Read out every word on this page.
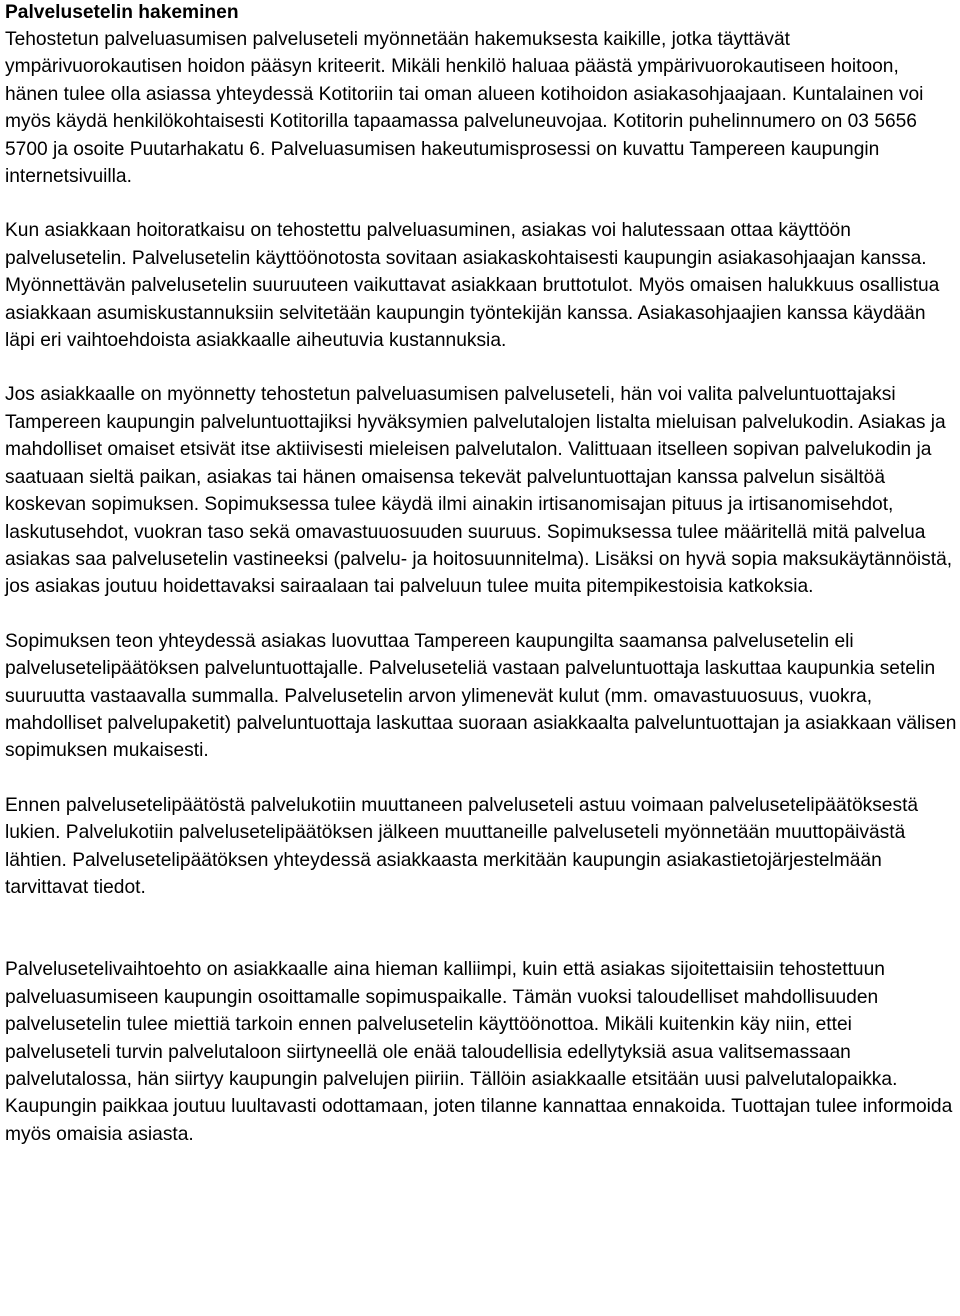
Palvelusetelin hakeminen

Tehostetun palveluasumisen palveluseteli myönnetään hakemuksesta kaikille, jotka täyttävät ympärivuorokautisen hoidon pääsyn kriteerit. Mikäli henkilö haluaa päästä ympärivuorokautiseen hoitoon, hänen tulee olla asiassa yhteydessä Kotitoriin tai oman alueen kotihoidon asiakasohjaajaan. Kuntalainen voi myös käydä henkilökohtaisesti Kotitorilla tapaamassa palveluneuvojaa. Kotitorin puhelinnumero on 03 5656 5700 ja osoite Puutarhakatu 6. Palveluasumisen hakeutumisprosessi on kuvattu Tampereen kaupungin internetsivuilla.

Kun asiakkaan hoitoratkaisu on tehostettu palveluasuminen, asiakas voi halutessaan ottaa käyttöön palvelusetelin. Palvelusetelin käyttöönotosta sovitaan asiakaskohtaisesti kaupungin asiakasohjaajan kanssa. Myönnettävän palvelusetelin suuruuteen vaikuttavat asiakkaan bruttotulot. Myös omaisen halukkuus osallistua asiakkaan asumiskustannuksiin selvitetään kaupungin työntekijän kanssa. Asiakasohjaajien kanssa käydään läpi eri vaihtoehdoista asiakkaalle aiheutuvia kustannuksia.

Jos asiakkaalle on myönnetty tehostetun palveluasumisen palveluseteli, hän voi valita palveluntuottajaksi Tampereen kaupungin palveluntuottajiksi hyväksymien palvelutalojen listalta mieluisan palvelukodin. Asiakas ja mahdolliset omaiset etsivät itse aktiivisesti mieleisen palvelutalon. Valittuaan itselleen sopivan palvelukodin ja saatuaan sieltä paikan, asiakas tai hänen omaisensa tekevät palveluntuottajan kanssa palvelun sisältöä koskevan sopimuksen. Sopimuksessa tulee käydä ilmi ainakin irtisanomisajan pituus ja irtisanomisehdot, laskutusehdot, vuokran taso sekä omavastuuosuuden suuruus. Sopimuksessa tulee määritellä mitä palvelua asiakas saa palvelusetelin vastineeksi (palvelu- ja hoitosuunnitelma). Lisäksi on hyvä sopia maksukäytännöistä, jos asiakas joutuu hoidettavaksi sairaalaan tai palveluun tulee muita pitempikestoisia katkoksia.

Sopimuksen teon yhteydessä asiakas luovuttaa Tampereen kaupungilta saamansa palvelusetelin eli palvelusetelipäätöksen palveluntuottajalle. Palveluseteliä vastaan palveluntuottaja laskuttaa kaupunkia setelin suuruutta vastaavalla summalla. Palvelusetelin arvon ylimenevät kulut (mm. omavastuuosuus, vuokra, mahdolliset palvelupaketit) palveluntuottaja laskuttaa suoraan asiakkaalta palveluntuottajan ja asiakkaan välisen sopimuksen mukaisesti.

Ennen palvelusetelipäätöstä palvelukotiin muuttaneen palveluseteli astuu voimaan palvelusetelipäätöksestä lukien. Palvelukotiin palvelusetelipäätöksen jälkeen muuttaneille palveluseteli myönnetään muuttopäivästä lähtien. Palvelusetelipäätöksen yhteydessä asiakkaasta merkitään kaupungin asiakastietojärjestelmään tarvittavat tiedot.

Palvelusetelivaihtoehto on asiakkaalle aina hieman kalliimpi, kuin että asiakas sijoitettaisiin tehostettuun palveluasumiseen kaupungin osoittamalle sopimuspaikalle. Tämän vuoksi taloudelliset mahdollisuuden palvelusetelin tulee miettiä tarkoin ennen palvelusetelin käyttöönottoa. Mikäli kuitenkin käy niin, ettei palveluseteli turvin palvelutaloon siirtyneellä ole enää taloudellisia edellytyksiä asua valitsemassaan palvelutalossa, hän siirtyy kaupungin palvelujen piiriin. Tällöin asiakkaalle etsitään uusi palvelutalopaikka. Kaupungin paikkaa joutuu luultavasti odottamaan, joten tilanne kannattaa ennakoida. Tuottajan tulee informoida myös omaisia asiasta.
